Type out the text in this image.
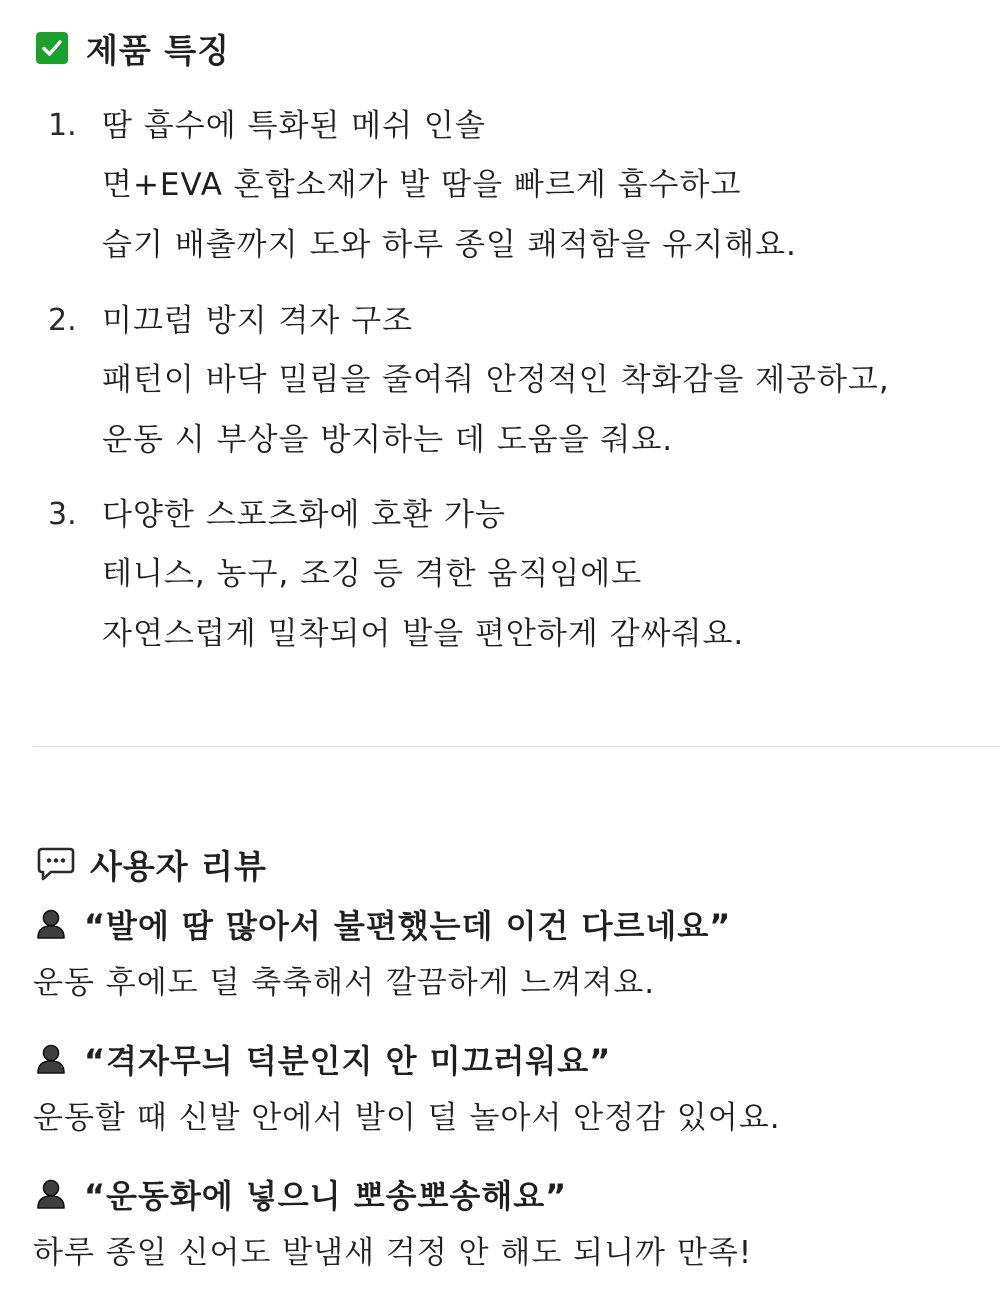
제품 특징
1. 땀 흡수에 특화된 메쉬 인솔
면+EVA 혼합소재가 발 땀을 빠르게 흡수하고
습기 배출까지 도와 하루 종일 쾌적함을 유지해요.
2. 미끄럼 방지 격자 구조
패턴이 바닥 밀림을 줄여줘 안정적인 착화감을 제공하고,
운동 시 부상을 방지하는 데 도움을 줘요.
3. 다양한 스포츠화에 호환 가능
테니스, 농구, 조깅 등 격한 움직임에도
자연스럽게 밀착되어 발을 편안하게 감싸줘요.
사용자 리뷰
“발에 땀 많아서 불편했는데 이건 다르네요”
운동 후에도 덜 축축해서 깔끔하게 느껴져요.
“격자무늬 덕분인지 안 미끄러워요”
운동할 때 신발 안에서 발이 덜 놀아서 안정감 있어요.
“운동화에 넣으니 뽀송뽀송해요”
하루 종일 신어도 발냄새 걱정 안 해도 되니까 만족!
